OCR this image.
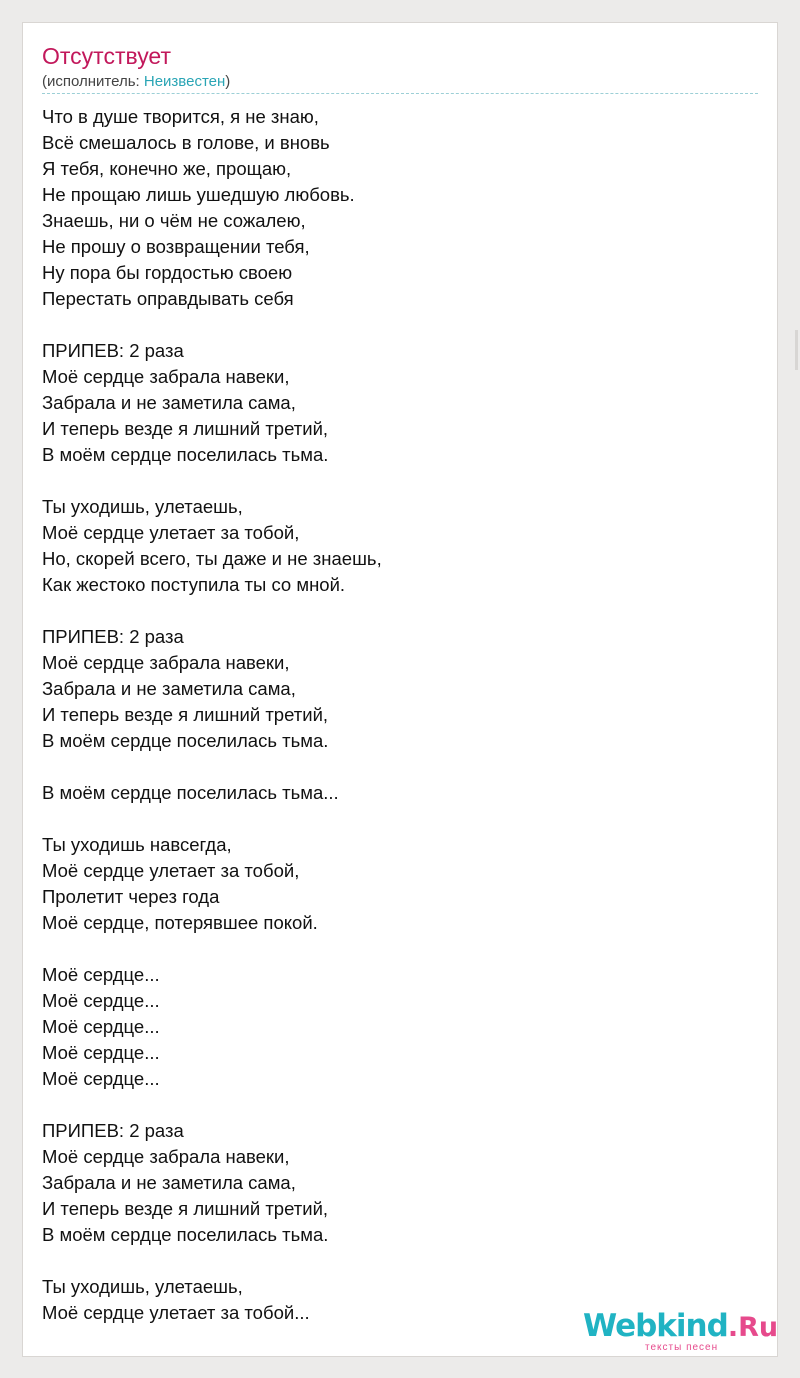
Отсутствует
(исполнитель: Неизвестен)
Что в душе творится, я не знаю,
Всё смешалось в голове, и вновь
Я тебя, конечно же, прощаю,
Не прощаю лишь ушедшую любовь.
Знаешь, ни о чём не сожалею,
Не прошу о возвращении тебя,
Ну пора бы гордостью своею
Перестать оправдывать себя
ПРИПЕВ: 2 раза
Моё сердце забрала навеки,
Забрала и не заметила сама,
И теперь везде я лишний третий,
В моём сердце поселилась тьма.
Ты уходишь, улетаешь,
Моё сердце улетает за тобой,
Но, скорей всего, ты даже и не знаешь,
Как жестоко поступила ты со мной.
ПРИПЕВ: 2 раза
Моё сердце забрала навеки,
Забрала и не заметила сама,
И теперь везде я лишний третий,
В моём сердце поселилась тьма.
В моём сердце поселилась тьма...
Ты уходишь навсегда,
Моё сердце улетает за тобой,
Пролетит через года
Моё сердце, потерявшее покой.
Моё сердце...
Моё сердце...
Моё сердце...
Моё сердце...
Моё сердце...
ПРИПЕВ: 2 раза
Моё сердце забрала навеки,
Забрала и не заметила сама,
И теперь везде я лишний третий,
В моём сердце поселилась тьма.
Ты уходишь, улетаешь,
Моё сердце улетает за тобой...	Webkind.Ru
тексты песен
